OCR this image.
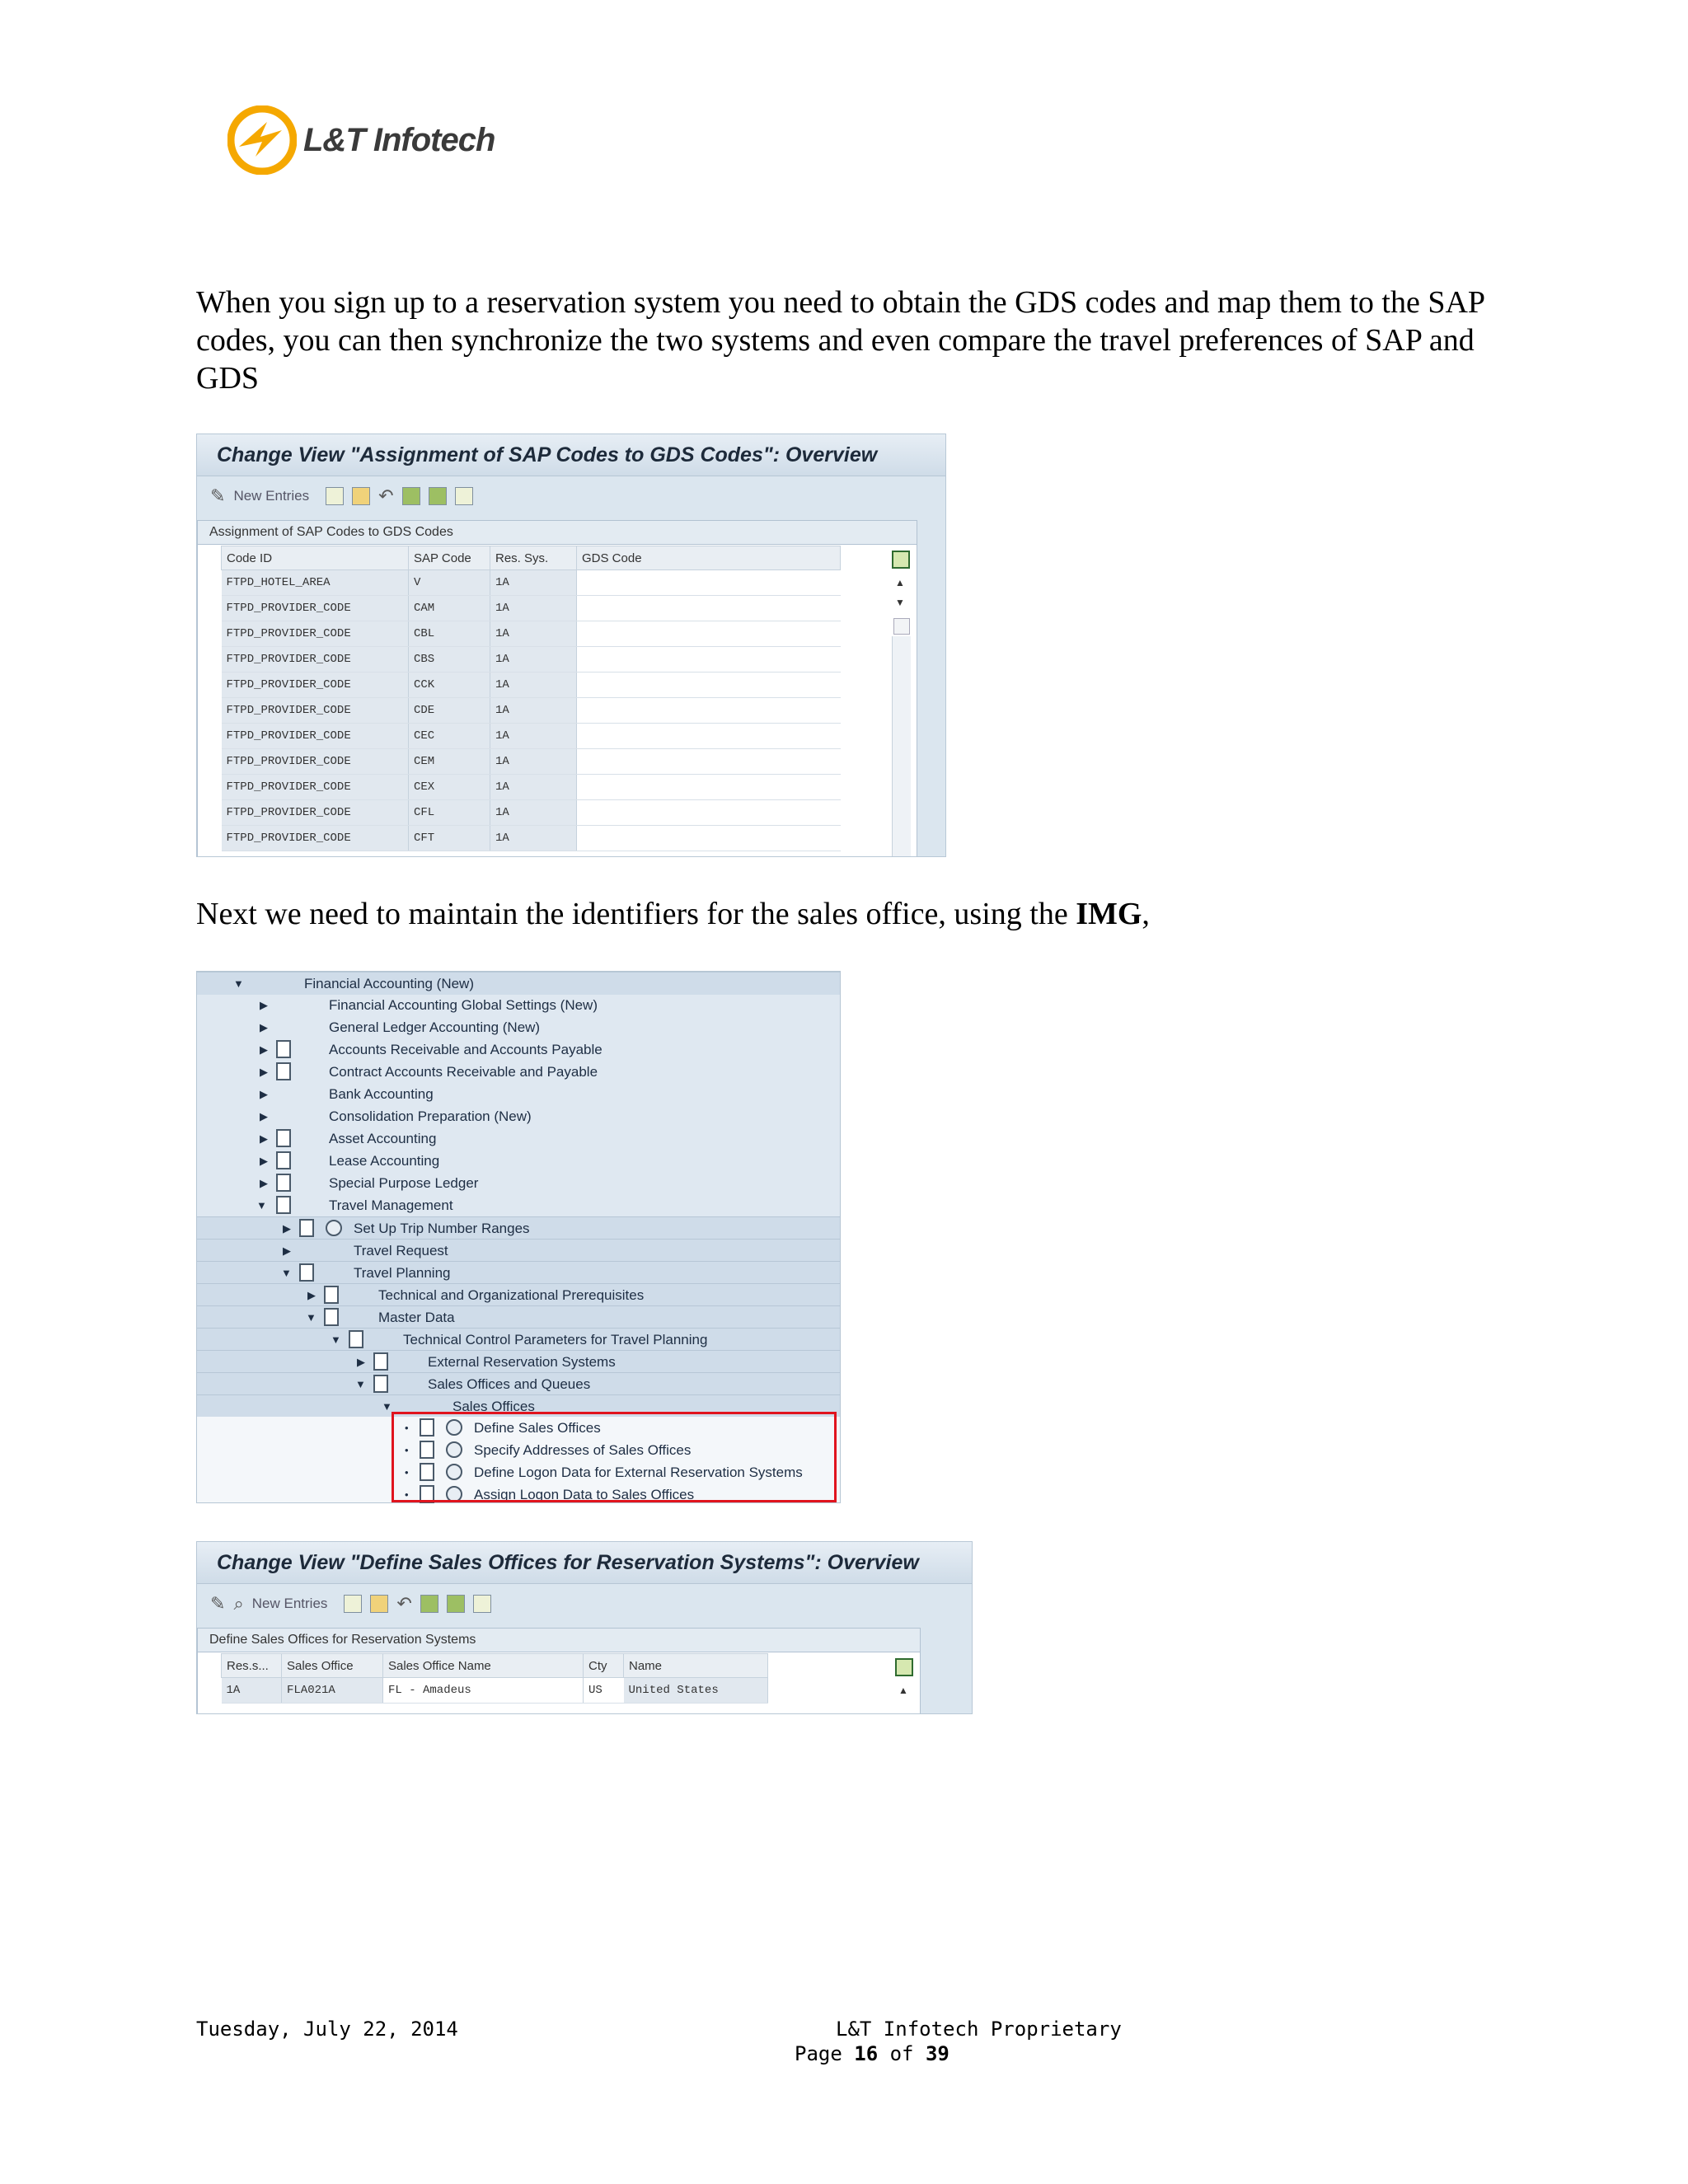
L&T Infotech
When you sign up to a reservation system you need to obtain the GDS codes and map them to the SAP codes, you can then synchronize the two systems and even compare the travel preferences of SAP and GDS
Change View "Assignment of SAP Codes to GDS Codes": Overview
✎ New Entries	↶
Assignment of SAP Codes to GDS Codes
Code ID	SAP Code	Res. Sys.	GDS Code
FTPD_HOTEL_AREA	V	1A	
FTPD_PROVIDER_CODE	CAM	1A	
FTPD_PROVIDER_CODE	CBL	1A	
FTPD_PROVIDER_CODE	CBS	1A	
FTPD_PROVIDER_CODE	CCK	1A	
FTPD_PROVIDER_CODE	CDE	1A	
FTPD_PROVIDER_CODE	CEC	1A	
FTPD_PROVIDER_CODE	CEM	1A	
FTPD_PROVIDER_CODE	CEX	1A	
FTPD_PROVIDER_CODE	CFL	1A	
FTPD_PROVIDER_CODE	CFT	1A	
▲
▼
Next we need to maintain the identifiers for the sales office, using the IMG,
▼	Financial Accounting (New)
▶	Financial Accounting Global Settings (New)
▶	General Ledger Accounting (New)
▶	Accounts Receivable and Accounts Payable
▶	Contract Accounts Receivable and Payable
▶	Bank Accounting
▶	Consolidation Preparation (New)
▶	Asset Accounting
▶	Lease Accounting
▶	Special Purpose Ledger
▼	Travel Management
▶	Set Up Trip Number Ranges
▶	Travel Request
▼	Travel Planning
▶	Technical and Organizational Prerequisites
▼	Master Data
▼	Technical Control Parameters for Travel Planning
▶	External Reservation Systems
▼	Sales Offices and Queues
▼	Sales Offices
•	Define Sales Offices
•	Specify Addresses of Sales Offices
•	Define Logon Data for External Reservation Systems
•	Assign Logon Data to Sales Offices
Change View "Define Sales Offices for Reservation Systems": Overview
✎ ⌕ New Entries	↶
Define Sales Offices for Reservation Systems
Res.s...	Sales Office	Sales Office Name	Cty	Name
1A	FLA021A	FL - Amadeus	US	United States	▲
Tuesday, July 22, 2014	L&T Infotech Proprietary
Page 16 of 39
